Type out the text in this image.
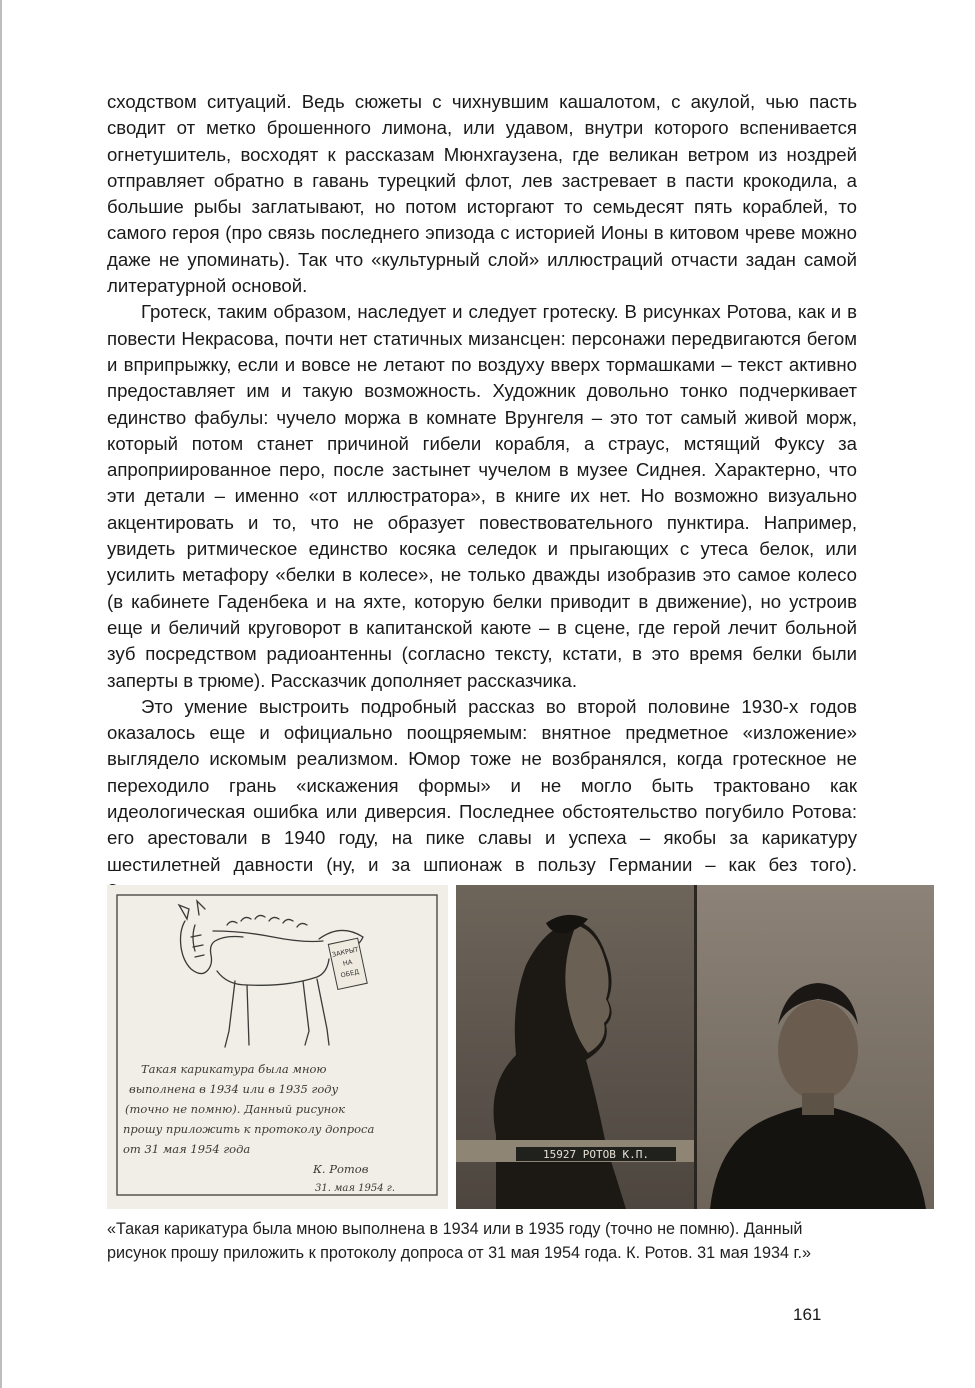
сходством ситуаций. Ведь сюжеты с чихнувшим кашалотом, с акулой, чью пасть сводит от метко брошенного лимона, или удавом, внутри которого вспенивается огнетушитель, восходят к рассказам Мюнхгаузена, где великан ветром из ноздрей отправляет обратно в гавань турецкий флот, лев застревает в пасти крокодила, а большие рыбы заглатывают, но потом исторгают то семьдесят пять кораблей, то самого героя (про связь последнего эпизода с историей Ионы в китовом чреве можно даже не упоминать). Так что «культурный слой» иллюстраций отчасти задан самой литературной основой.

Гротеск, таким образом, наследует и следует гротеску. В рисунках Ротова, как и в повести Некрасова, почти нет статичных мизансцен: персонажи передвигаются бегом и вприпрыжку, если и вовсе не летают по воздуху вверх тормашками – текст активно предоставляет им и такую возможность. Художник довольно тонко подчеркивает единство фабулы: чучело моржа в комнате Врунгеля – это тот самый живой морж, который потом станет причиной гибели корабля, а страус, мстящий Фуксу за апроприированное перо, после застынет чучелом в музее Сиднея. Характерно, что эти детали – именно «от иллюстратора», в книге их нет. Но возможно визуально акцентировать и то, что не образует повествовательного пунктира. Например, увидеть ритмическое единство косяка селедок и прыгающих с утеса белок, или усилить метафору «белки в колесе», не только дважды изобразив это самое колесо (в кабинете Гаденбека и на яхте, которую белки приводит в движение), но устроив еще и беличий круговорот в капитанской каюте – в сцене, где герой лечит больной зуб посредством радиоантенны (согласно тексту, кстати, в это время белки были заперты в трюме). Рассказчик дополняет рассказчика.

Это умение выстроить подробный рассказ во второй половине 1930-х годов оказалось еще и официально поощряемым: внятное предметное «изложение» выглядело искомым реализмом. Юмор тоже не возбранялся, когда гротескное не переходило грань «искажения формы» и не могло быть трактовано как идеологическая ошибка или диверсия. Последнее обстоятельство погубило Ротова: его арестовали в 1940 году, на пике славы и успеха – якобы за карикатуру шестилетней давности (ну, и за шпионаж в пользу Германии – как без того).

ЗАКРЫТ
НА
ОБЕД
Такая карикатура была мною
выполнена в 1934 или в 1935 году
(точно не помню). Данный рисунок
прошу приложить к протоколу допроса
от 31 мая 1954 года
К. Ротов
31. мая 1954 г.
15927 РОТОВ К.П.
«Такая карикатура была мною выполнена в 1934 или в 1935 году (точно не помню). Данный
рисунок прошу приложить к протоколу допроса от 31 мая 1954 года. К. Ротов. 31 мая 1934 г.»
161
